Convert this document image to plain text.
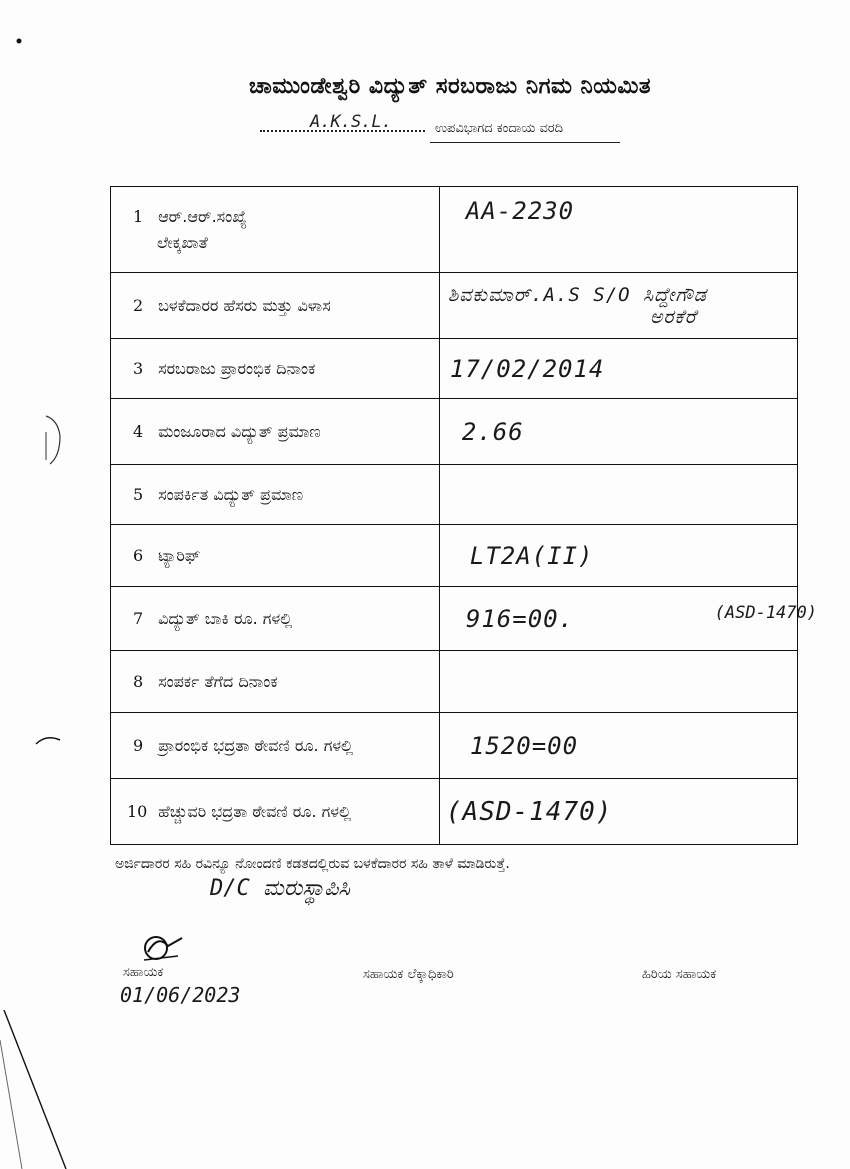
ಚಾಮುಂಡೇಶ್ವರಿ ವಿದ್ಯುತ್ ಸರಬರಾಜು ನಿಗಮ ನಿಯಮಿತ
A.K.S.L.	ಉಪವಿಭಾಗದ ಕಂದಾಯ ವರದಿ
1 ಆರ್.ಆರ್.ಸಂಖ್ಯೆ
ಲೇಕ್ಕಖಾತೆ	AA-2230
2 ಬಳಕೆದಾರರ ಹೆಸರು ಮತ್ತು ವಿಳಾಸ	ಶಿವಕುಮಾರ್.A.S S/O ಸಿದ್ದೇಗೌಡ
ಅರಕೆರೆ

3 ಸರಬರಾಜು ಪ್ರಾರಂಭಿಕ ದಿನಾಂಕ	17/02/2014
4 ಮಂಜೂರಾದ ವಿದ್ಯುತ್ ಪ್ರಮಾಣ	2.66
5 ಸಂಪರ್ಕಿತ ವಿದ್ಯುತ್ ಪ್ರಮಾಣ	
6 ಟ್ಯಾರಿಫ್	LT2A(II)
7 ವಿದ್ಯುತ್ ಬಾಕಿ ರೂ. ಗಳಲ್ಲಿ	916=00. (ASD-1470)

8 ಸಂಪರ್ಕ ತೆಗೆದ ದಿನಾಂಕ	
9 ಪ್ರಾರಂಭಿಕ ಭದ್ರತಾ ಠೇವಣಿ ರೂ. ಗಳಲ್ಲಿ	1520=00
10 ಹೆಚ್ಚುವರಿ ಭದ್ರತಾ ಠೇವಣಿ ರೂ. ಗಳಲ್ಲಿ	(ASD-1470)
ಅರ್ಜಿದಾರರ ಸಹಿ ರವಿನ್ಯೂ ನೋಂದಣಿ ಕಡತದಲ್ಲಿರುವ ಬಳಕೆದಾರರ ಸಹಿ ತಾಳೆ ಮಾಡಿರುತ್ತೆ.
D/C ಮರುಸ್ಥಾಪಿಸಿ
ಸಹಾಯಕ
01/06/2023
ಸಹಾಯಕ ಲೆಕ್ಕಾಧಿಕಾರಿ	ಹಿರಿಯ ಸಹಾಯಕ
